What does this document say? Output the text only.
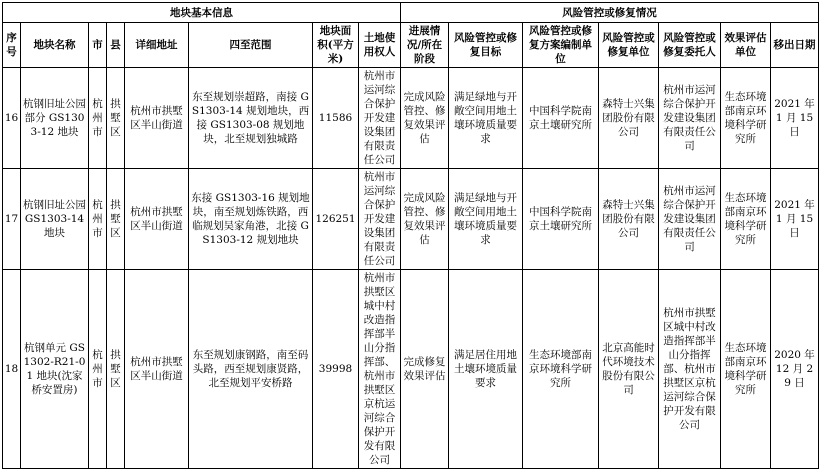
地块基本信息								风险管控或修复情况						
序号	地块名称	市	县	详细地址	四至范围	地块面积(平方米)	土地使用权人	进展情况/所在阶段	风险管控或修复目标	风险管控或修复方案编制单位	风险管控或修复单位	风险管控或修复委托人	效果评估单位	移出日期
16	杭钢旧址公园部分 GS1303-12 地块	杭州市	拱墅区	杭州市拱墅区半山街道	东至规划崇超路，南接 GS1303-14 规划地块，西接 GS1303-08 规划地块，北至规划独城路	11586	杭州市运河综合保护开发建设集团有限责任公司	完成风险管控、修复效果评估	满足绿地与开敞空间用地土壤环境质量要求	中国科学院南京土壤研究所	森特士兴集团股份有限公司	杭州市运河综合保护开发建设集团有限责任公司	生态环境部南京环境科学研究所	2021 年 1 月 15 日
17	杭钢旧址公园 GS1303-14 地块	杭州市	拱墅区	杭州市拱墅区半山街道	东接 GS1303-16 规划地块，南至规划炼铁路，西临规划吴家角港，北接 GS1303-12 规划地块	126251	杭州市运河综合保护开发建设集团有限责任公司	完成风险管控、修复效果评估	满足绿地与开敞空间用地土壤环境质量要求	中国科学院南京土壤研究所	森特士兴集团股份有限公司	杭州市运河综合保护开发建设集团有限责任公司	生态环境部南京环境科学研究所	2021 年 1 月 15 日
18	杭钢单元 GS1302-R21-01 地块(沈家桥安置房)	杭州市	拱墅区	杭州市拱墅区半山街道	东至规划康钢路，南至码头路，西至规划康贤路，北至规划平安桥路	39998	杭州市拱墅区城中村改造指挥部半山分指挥部、杭州市拱墅区京杭运河综合保护开发有限公司	完成修复效果评估	满足居住用地土壤环境质量要求	生态环境部南京环境科学研究所	北京高能时代环境技术股份有限公司	杭州市拱墅区城中村改造指挥部半山分指挥部、杭州市拱墅区京杭运河综合保护开发有限公司	生态环境部南京环境科学研究所	2020 年 12 月 29 日
